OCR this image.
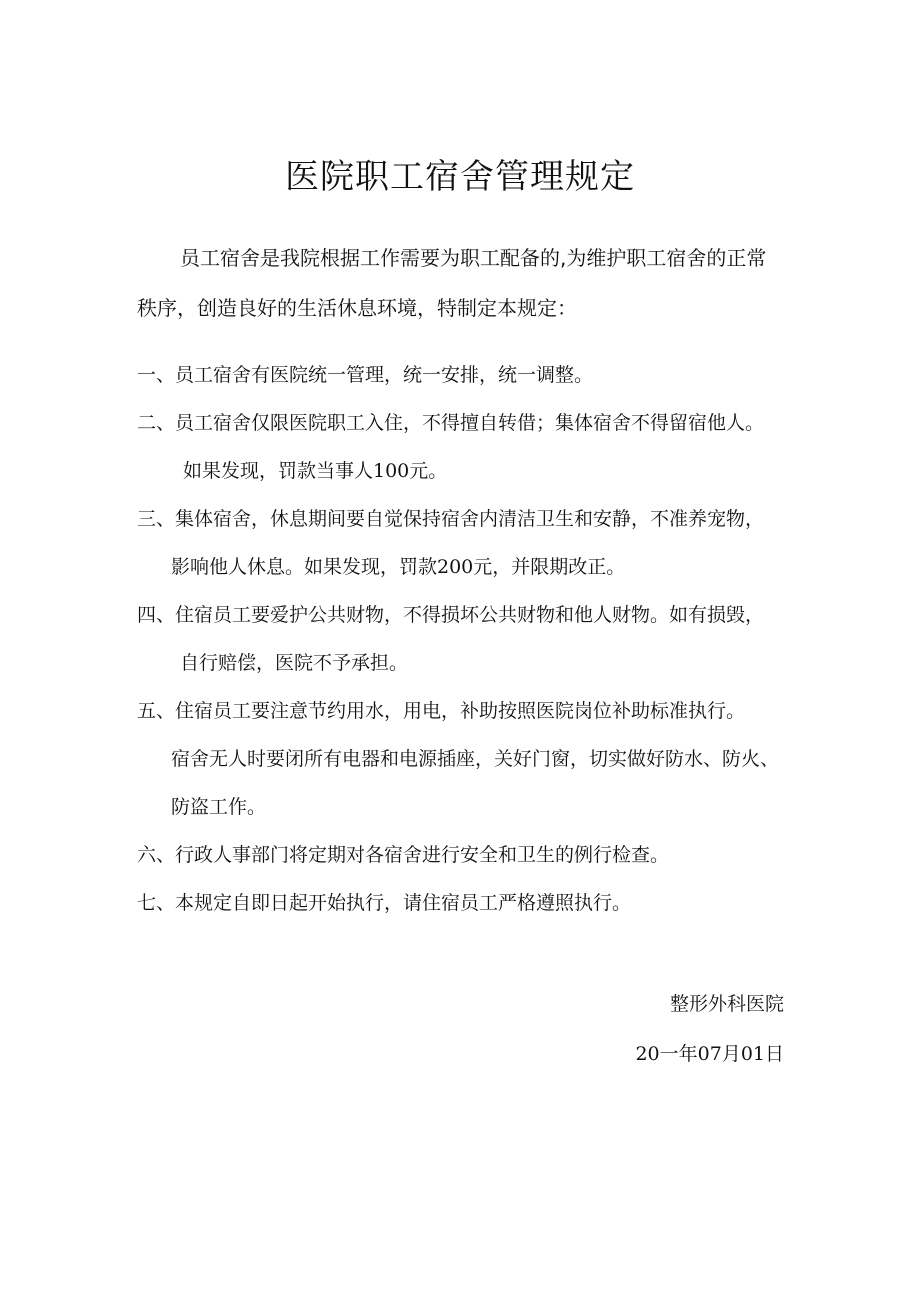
医院职工宿舍管理规定
员工宿舍是我院根据工作需要为职工配备的,为维护职工宿舍的正常
秩序，创造良好的生活休息环境，特制定本规定：
一、员工宿舍有医院统一管理，统一安排，统一调整。
二、员工宿舍仅限医院职工入住，不得擅自转借；集体宿舍不得留宿他人。
如果发现，罚款当事人100元。
三、集体宿舍，休息期间要自觉保持宿舍内清洁卫生和安静，不准养宠物，
影响他人休息。如果发现，罚款200元，并限期改正。
四、住宿员工要爱护公共财物，不得损坏公共财物和他人财物。如有损毁，
自行赔偿，医院不予承担。
五、住宿员工要注意节约用水，用电，补助按照医院岗位补助标准执行。
宿舍无人时要闭所有电器和电源插座，关好门窗，切实做好防水、防火、
防盗工作。
六、行政人事部门将定期对各宿舍进行安全和卫生的例行检查。
七、本规定自即日起开始执行，请住宿员工严格遵照执行。
整形外科医院
20一年07月01日
